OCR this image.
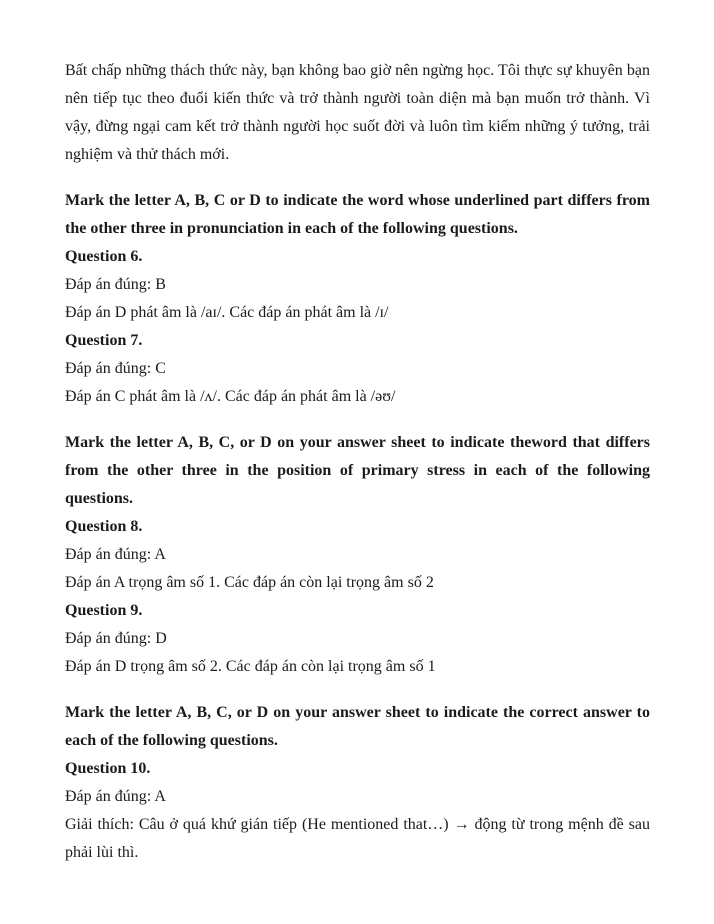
Bất chấp những thách thức này, bạn không bao giờ nên ngừng học. Tôi thực sự khuyên bạn nên tiếp tục theo đuổi kiến thức và trở thành người toàn diện mà bạn muốn trở thành. Vì vậy, đừng ngại cam kết trở thành người học suốt đời và luôn tìm kiếm những ý tưởng, trải nghiệm và thử thách mới.

Mark the letter A, B, C or D to indicate the word whose underlined part differs from the other three in pronunciation in each of the following questions.

Question 6.

Đáp án đúng: B

Đáp án D phát âm là /aɪ/. Các đáp án phát âm là /ɪ/

Question 7.

Đáp án đúng: C

Đáp án C phát âm là /ʌ/. Các đáp án phát âm là /əʊ/

Mark the letter A, B, C, or D on your answer sheet to indicate theword that differs from the other three in the position of primary stress in each of the following questions.

Question 8.

Đáp án đúng: A

Đáp án A trọng âm số 1. Các đáp án còn lại trọng âm số 2

Question 9.

Đáp án đúng: D

Đáp án D trọng âm số 2. Các đáp án còn lại trọng âm số 1

Mark the letter A, B, C, or D on your answer sheet to indicate the correct answer to each of the following questions.

Question 10.

Đáp án đúng: A

Giải thích: Câu ở quá khứ gián tiếp (He mentioned that…) → động từ trong mệnh đề sau phải lùi thì.
